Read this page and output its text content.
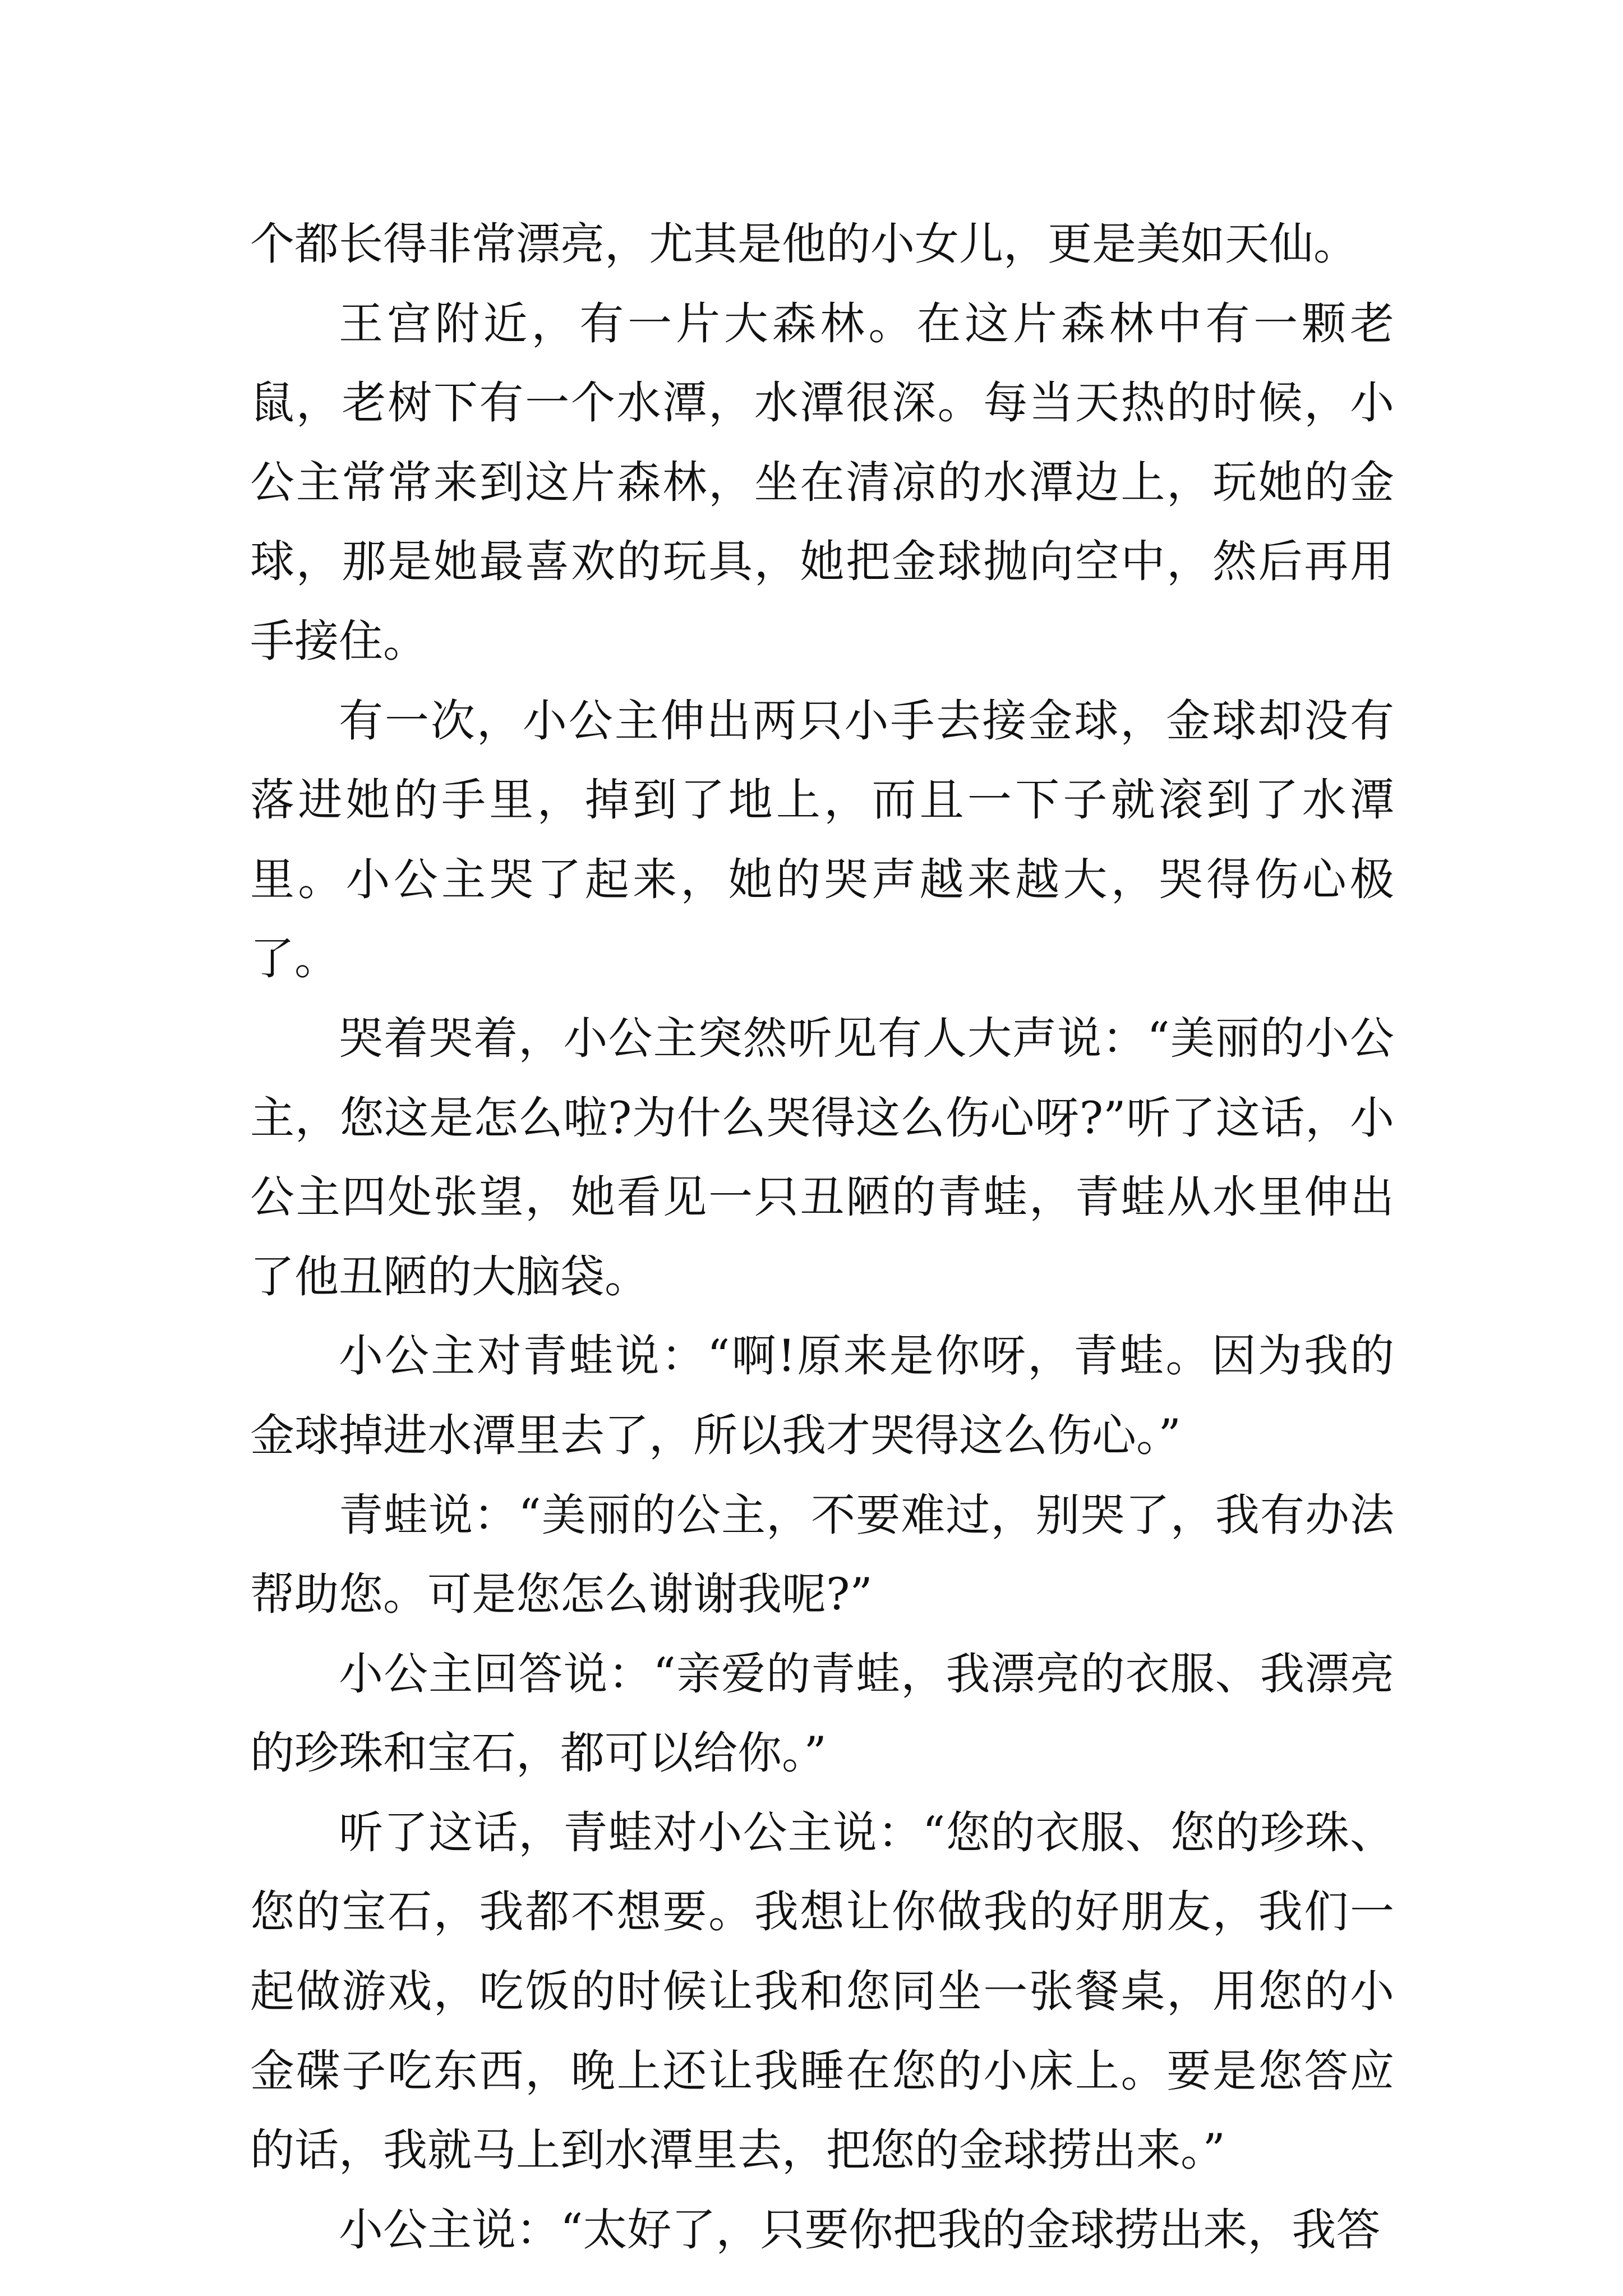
个都长得非常漂亮，尤其是他的小女儿，更是美如天仙。

王宫附近，有一片大森林。在这片森林中有一颗老鼠，老树下有一个水潭，水潭很深。每当天热的时候，小公主常常来到这片森林，坐在清凉的水潭边上，玩她的金球，那是她最喜欢的玩具，她把金球抛向空中，然后再用手接住。

有一次，小公主伸出两只小手去接金球，金球却没有落进她的手里，掉到了地上，而且一下子就滚到了水潭里。小公主哭了起来，她的哭声越来越大，哭得伤心极了。

哭着哭着，小公主突然听见有人大声说：“美丽的小公主，您这是怎么啦?为什么哭得这么伤心呀?”听了这话，小公主四处张望，她看见一只丑陋的青蛙，青蛙从水里伸出了他丑陋的大脑袋。

小公主对青蛙说：“啊!原来是你呀，青蛙。因为我的金球掉进水潭里去了，所以我才哭得这么伤心。”

青蛙说：“美丽的公主，不要难过，别哭了，我有办法帮助您。可是您怎么谢谢我呢?”

小公主回答说：“亲爱的青蛙，我漂亮的衣服、我漂亮的珍珠和宝石，都可以给你。”

听了这话，青蛙对小公主说：“您的衣服、您的珍珠、您的宝石，我都不想要。我想让你做我的好朋友，我们一起做游戏，吃饭的时候让我和您同坐一张餐桌，用您的小金碟子吃东西，晚上还让我睡在您的小床上。要是您答应的话，我就马上到水潭里去，把您的金球捞出来。”

小公主说：“太好了，只要你把我的金球捞出来，我答
